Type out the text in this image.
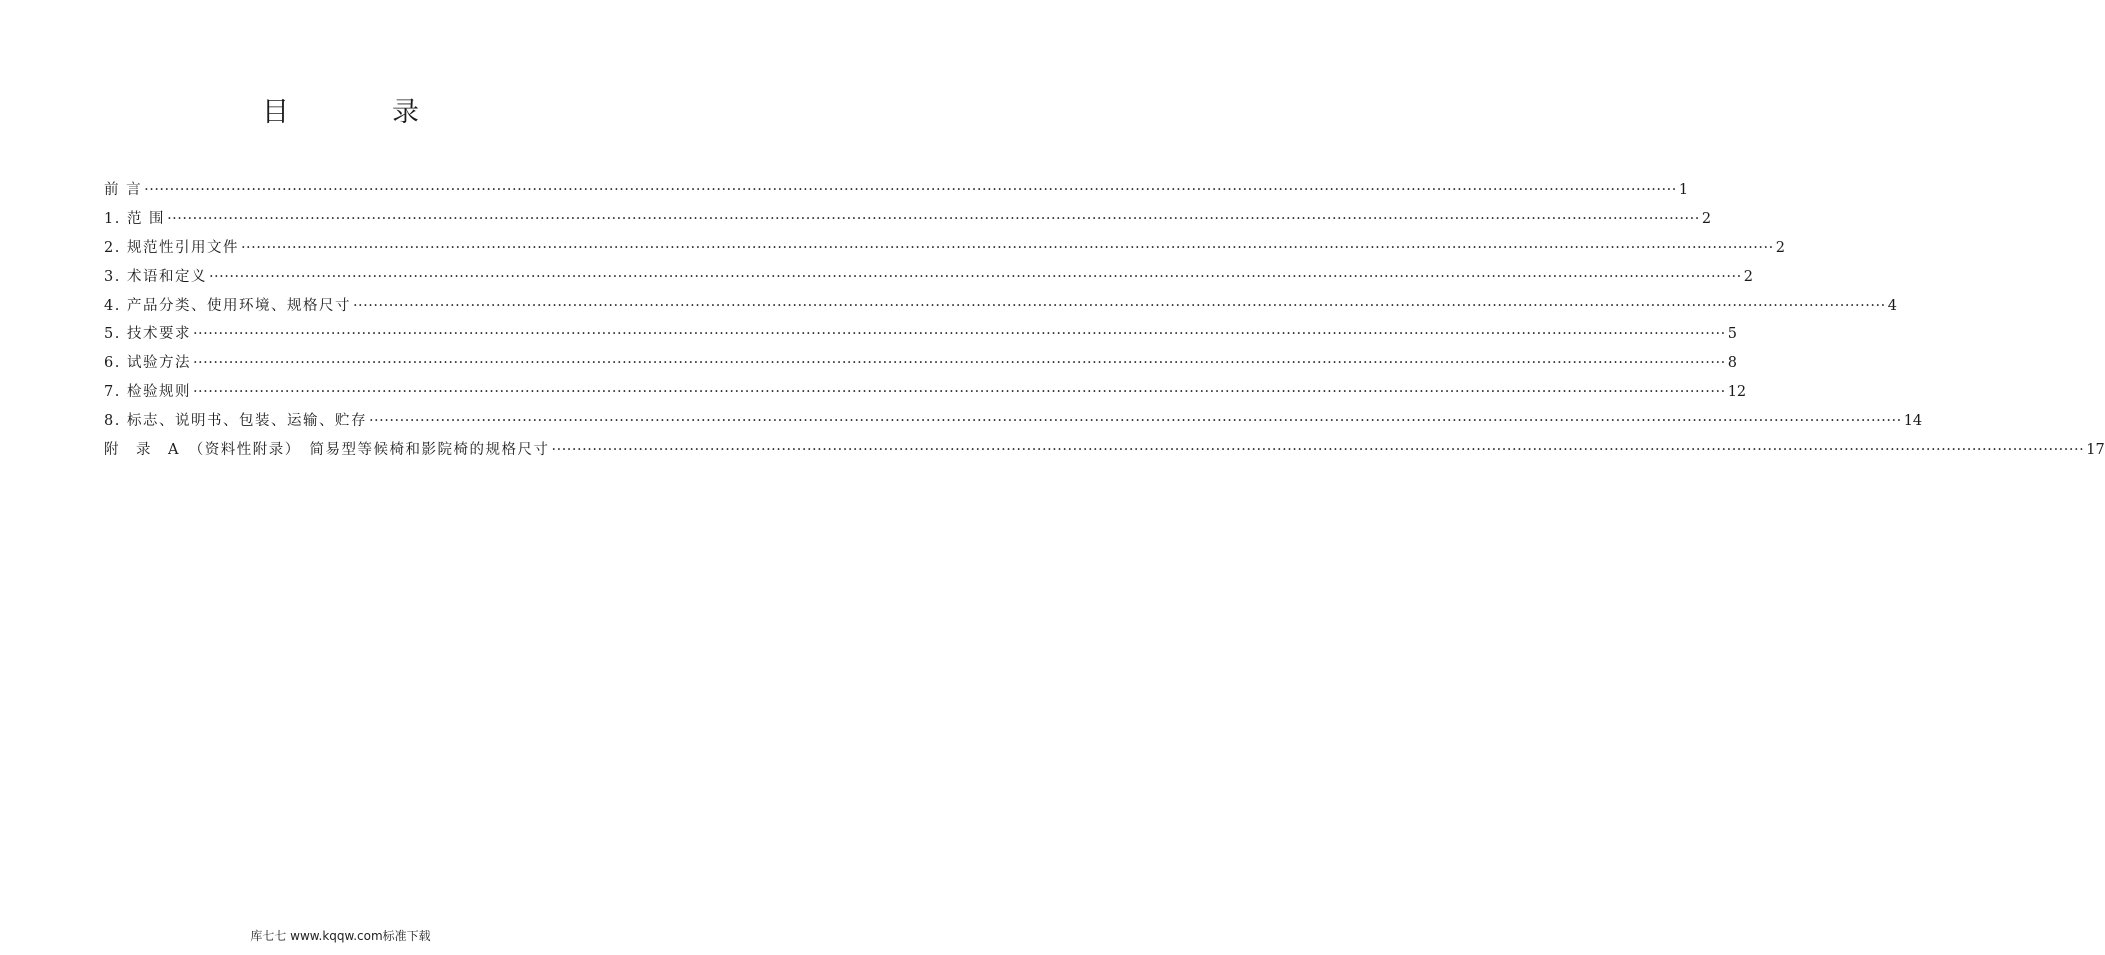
目　录
前 言 ············································································································································································································································································································ 1
1. 范 围 ············································································································································································································································································································ 2
2. 规范性引用文件 ············································································································································································································································································································ 2
3. 术语和定义 ············································································································································································································································································································ 2
4. 产品分类、使用环境、规格尺寸 ············································································································································································································································································································ 4
5. 技术要求 ············································································································································································································································································································ 5
6. 试验方法 ············································································································································································································································································································ 8
7. 检验规则 ············································································································································································································································································································ 12
8. 标志、说明书、包装、运输、贮存 ············································································································································································································································································································ 14
附　录　A　（资料性附录）　简易型等候椅和影院椅的规格尺寸 ············································································································································································································································································································ 17
库七七 www.kqqw.com标准下载
